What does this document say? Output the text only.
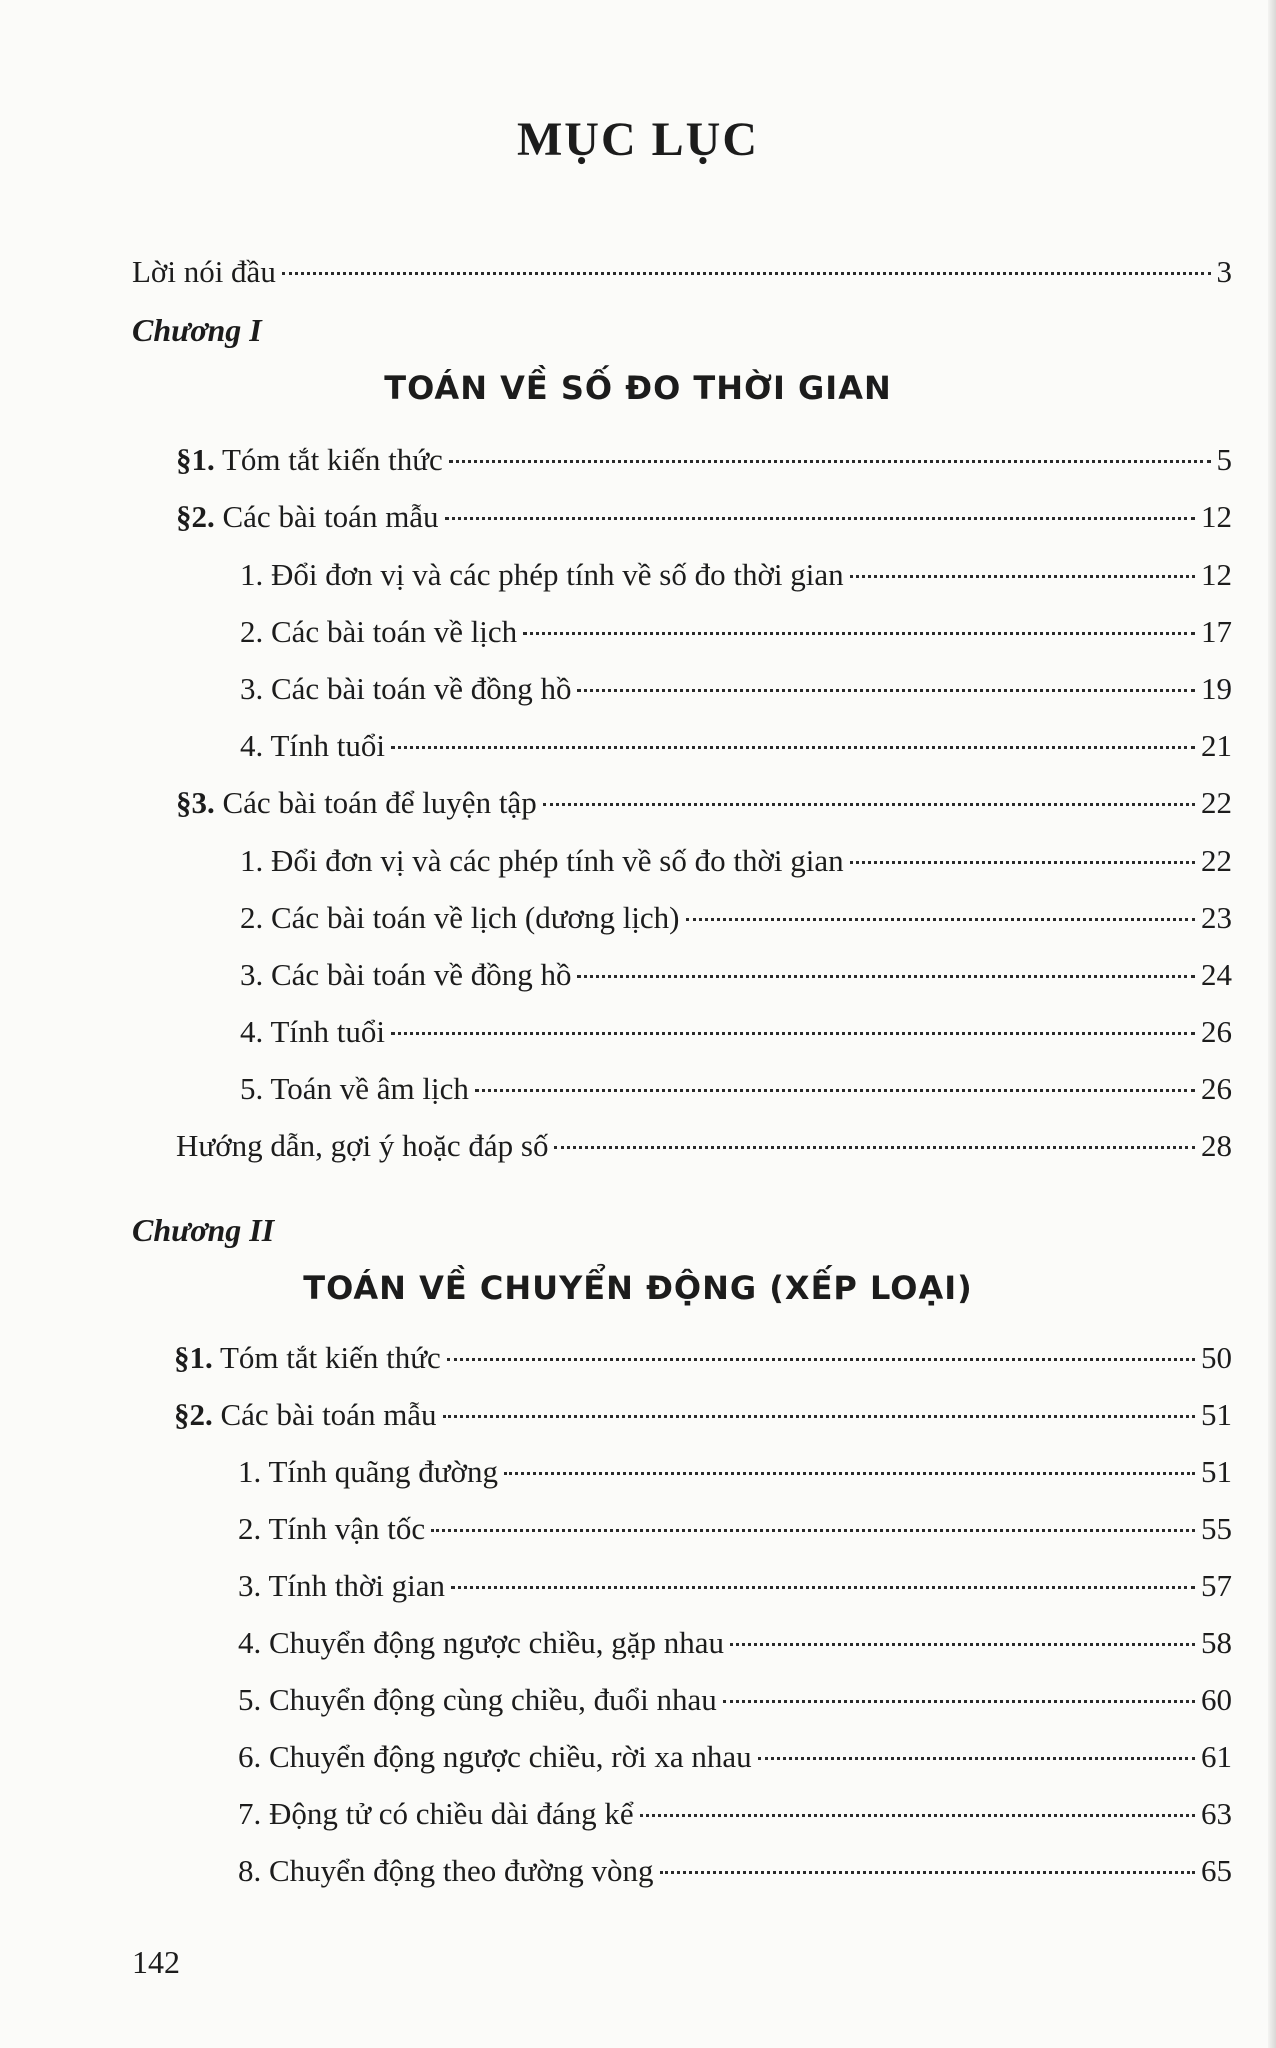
MỤC LỤC
Lời nói đầu	3
Chương I
TOÁN VỀ SỐ ĐO THỜI GIAN
§1. Tóm tắt kiến thức	5
§2. Các bài toán mẫu	12
1. Đổi đơn vị và các phép tính về số đo thời gian	12
2. Các bài toán về lịch	17
3. Các bài toán về đồng hồ	19
4. Tính tuổi	21
§3. Các bài toán để luyện tập	22
1. Đổi đơn vị và các phép tính về số đo thời gian	22
2. Các bài toán về lịch (dương lịch)	23
3. Các bài toán về đồng hồ	24
4. Tính tuổi	26
5. Toán về âm lịch	26
Hướng dẫn, gợi ý hoặc đáp số	28
Chương II
TOÁN VỀ CHUYỂN ĐỘNG (XẾP LOẠI)
§1. Tóm tắt kiến thức	50
§2. Các bài toán mẫu	51
1. Tính quãng đường	51
2. Tính vận tốc	55
3. Tính thời gian	57
4. Chuyển động ngược chiều, gặp nhau	58
5. Chuyển động cùng chiều, đuổi nhau	60
6. Chuyển động ngược chiều, rời xa nhau	61
7. Động tử có chiều dài đáng kể	63
8. Chuyển động theo đường vòng	65
142
